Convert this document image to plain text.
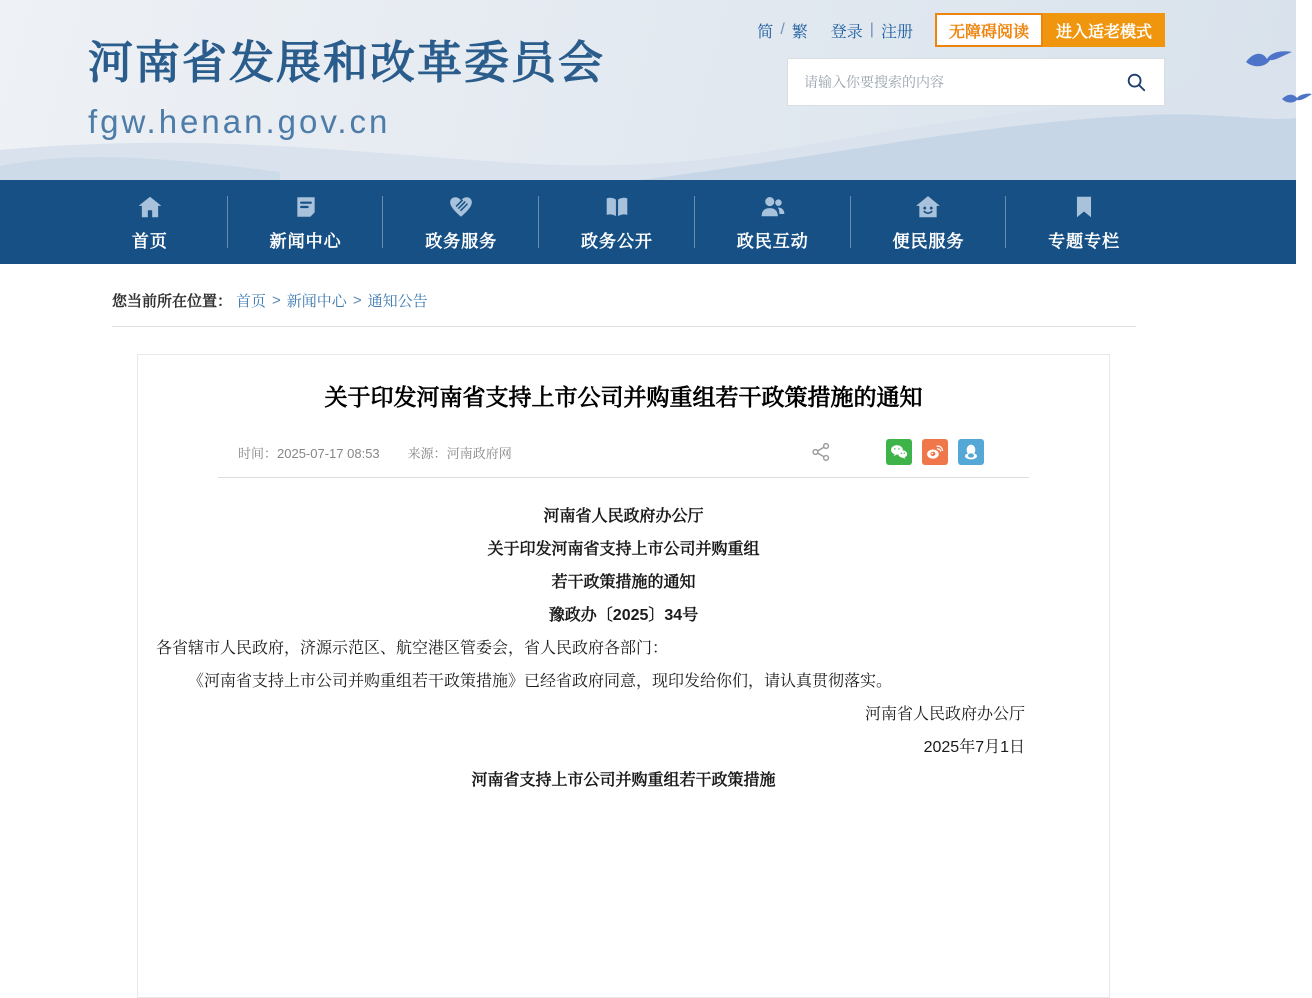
河南省发展和改革委员会
fgw.henan.gov.cn
简 / 繁 登录 | 注册	无障碍阅读	进入适老模式
请输入你要搜索的内容
首页	新闻中心	政务服务	政务公开	政民互动	便民服务	专题专栏
您当前所在位置： 首页 > 新闻中心 > 通知公告
关于印发河南省支持上市公司并购重组若干政策措施的通知
时间：2025-07-17 08:53 来源：河南政府网

河南省人民政府办公厅

关于印发河南省支持上市公司并购重组

若干政策措施的通知

豫政办〔2025〕34号

各省辖市人民政府，济源示范区、航空港区管委会，省人民政府各部门：

《河南省支持上市公司并购重组若干政策措施》已经省政府同意，现印发给你们，请认真贯彻落实。

河南省人民政府办公厅

2025年7月1日

河南省支持上市公司并购重组若干政策措施
